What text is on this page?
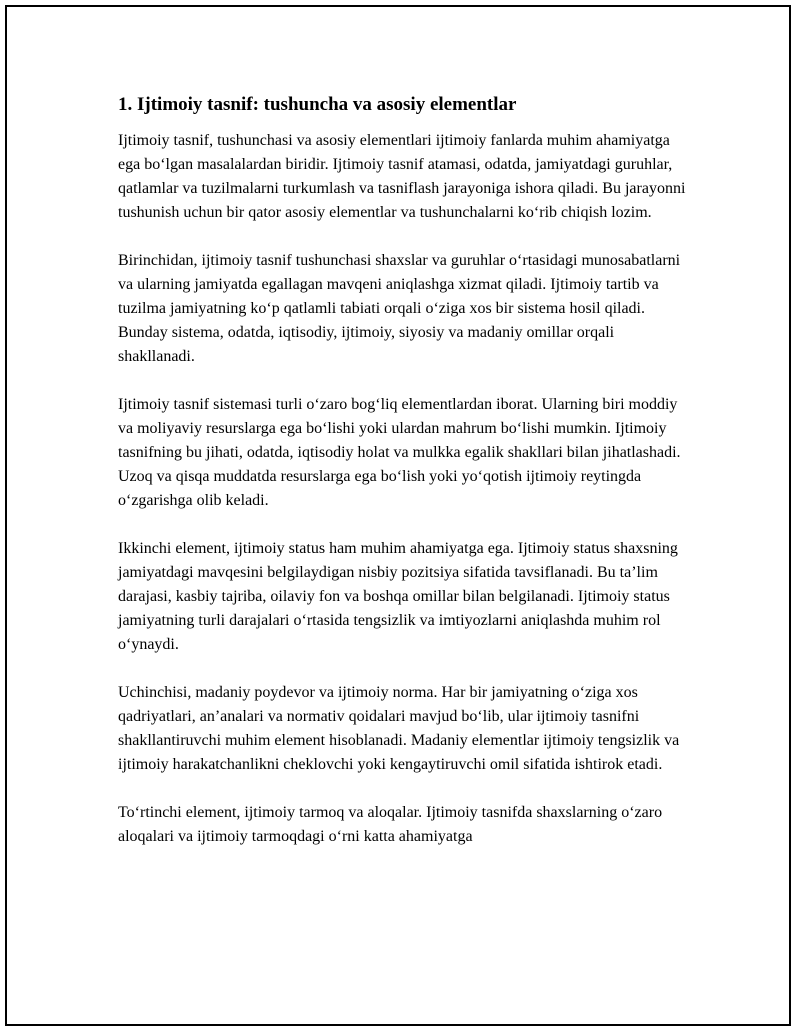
1. Ijtimoiy tasnif: tushuncha va asosiy elementlar

Ijtimoiy tasnif, tushunchasi va asosiy elementlari ijtimoiy fanlarda muhim ahamiyatga ega bo‘lgan masalalardan biridir. Ijtimoiy tasnif atamasi, odatda, jamiyatdagi guruhlar, qatlamlar va tuzilmalarni turkumlash va tasniflash jarayoniga ishora qiladi. Bu jarayonni tushunish uchun bir qator asosiy elementlar va tushunchalarni ko‘rib chiqish lozim.

Birinchidan, ijtimoiy tasnif tushunchasi shaxslar va guruhlar o‘rtasidagi munosabatlarni va ularning jamiyatda egallagan mavqeni aniqlashga xizmat qiladi. Ijtimoiy tartib va tuzilma jamiyatning ko‘p qatlamli tabiati orqali o‘ziga xos bir sistema hosil qiladi. Bunday sistema, odatda, iqtisodiy, ijtimoiy, siyosiy va madaniy omillar orqali shakllanadi.

Ijtimoiy tasnif sistemasi turli o‘zaro bog‘liq elementlardan iborat. Ularning biri moddiy va moliyaviy resurslarga ega bo‘lishi yoki ulardan mahrum bo‘lishi mumkin. Ijtimoiy tasnifning bu jihati, odatda, iqtisodiy holat va mulkka egalik shakllari bilan jihatlashadi. Uzoq va qisqa muddatda resurslarga ega bo‘lish yoki yo‘qotish ijtimoiy reytingda o‘zgarishga olib keladi.

Ikkinchi element, ijtimoiy status ham muhim ahamiyatga ega. Ijtimoiy status shaxsning jamiyatdagi mavqesini belgilaydigan nisbiy pozitsiya sifatida tavsiflanadi. Bu ta’lim darajasi, kasbiy tajriba, oilaviy fon va boshqa omillar bilan belgilanadi. Ijtimoiy status jamiyatning turli darajalari o‘rtasida tengsizlik va imtiyozlarni aniqlashda muhim rol o‘ynaydi.

Uchinchisi, madaniy poydevor va ijtimoiy norma. Har bir jamiyatning o‘ziga xos qadriyatlari, an’analari va normativ qoidalari mavjud bo‘lib, ular ijtimoiy tasnifni shakllantiruvchi muhim element hisoblanadi. Madaniy elementlar ijtimoiy tengsizlik va ijtimoiy harakatchanlikni cheklovchi yoki kengaytiruvchi omil sifatida ishtirok etadi.

To‘rtinchi element, ijtimoiy tarmoq va aloqalar. Ijtimoiy tasnifda shaxslarning o‘zaro aloqalari va ijtimoiy tarmoqdagi o‘rni katta ahamiyatga
